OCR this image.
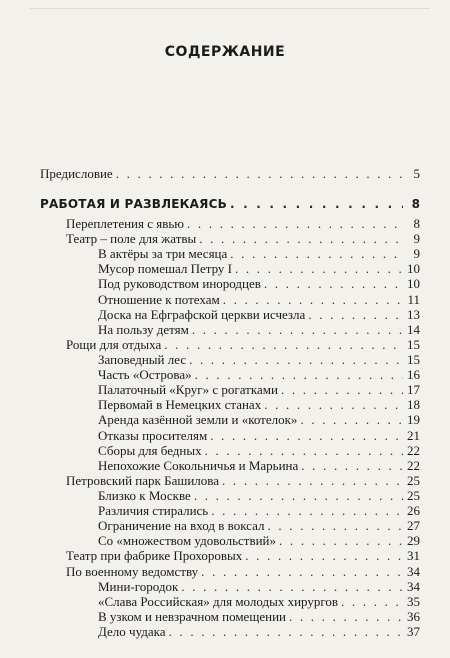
СОДЕРЖАНИЕ
Предисловие . . .	5
РАБОТАЯ И РАЗВЛЕКАЯСЬ . . .	8
Переплетения с явью . . .	8
Театр – поле для жатвы . . .	9
В актёры за три месяца . . .	9
Мусор помешал Петру I . . .	10
Под руководством инородцев . . .	10
Отношение к потехам . . .	11
Доска на Ефграфской церкви исчезла . . .	13
На пользу детям . . .	14
Рощи для отдыха . . .	15
Заповедный лес . . .	15
Часть «Острова» . . .	16
Палаточный «Круг» с рогатками . . .	17
Первомай в Немецких станах . . .	18
Аренда казённой земли и «котелок» . . .	19
Отказы просителям . . .	21
Сборы для бедных . . .	22
Непохожие Сокольничья и Марьина . . .	22
Петровский парк Башилова . . .	25
Близко к Москве . . .	25
Различия стирались . . .	26
Ограничение на вход в воксал . . .	27
Со «множеством удовольствий» . . .	29
Театр при фабрике Прохоровых . . .	31
По военному ведомству . . .	34
Мини-городок . . .	34
«Слава Российская» для молодых хирургов . . .	35
В узком и невзрачном помещении . . .	36
Дело чудака . . .	37
